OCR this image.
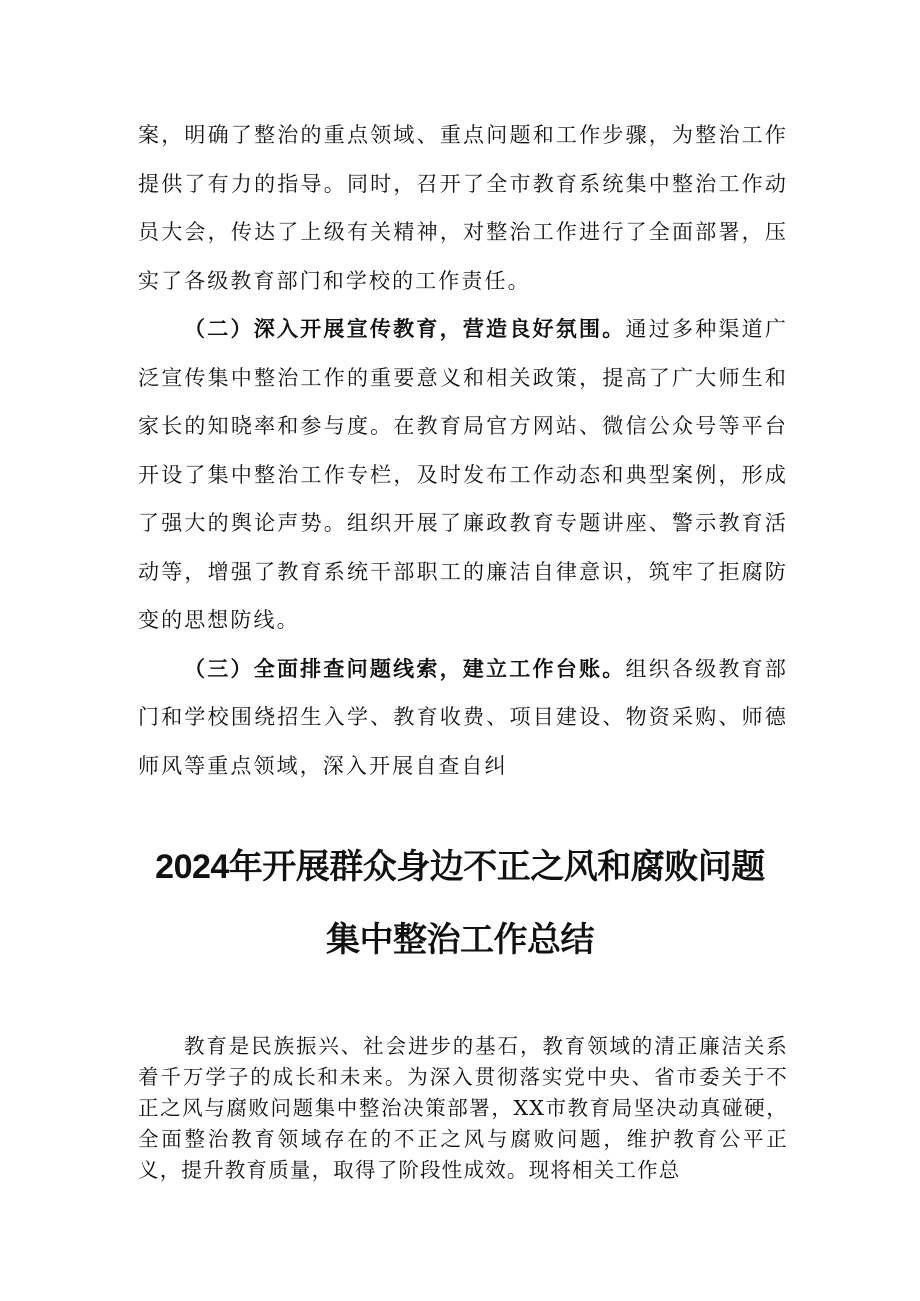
案，明确了整治的重点领域、重点问题和工作步骤，为整治工作提供了有力的指导。同时，召开了全市教育系统集中整治工作动员大会，传达了上级有关精神，对整治工作进行了全面部署，压实了各级教育部门和学校的工作责任。

（二）深入开展宣传教育，营造良好氛围。通过多种渠道广泛宣传集中整治工作的重要意义和相关政策，提高了广大师生和家长的知晓率和参与度。在教育局官方网站、微信公众号等平台开设了集中整治工作专栏，及时发布工作动态和典型案例，形成了强大的舆论声势。组织开展了廉政教育专题讲座、警示教育活动等，增强了教育系统干部职工的廉洁自律意识，筑牢了拒腐防变的思想防线。

（三）全面排查问题线索，建立工作台账。组织各级教育部门和学校围绕招生入学、教育收费、项目建设、物资采购、师德师风等重点领域，深入开展自查自纠

2024年开展群众身边不正之风和腐败问题
集中整治工作总结

教育是民族振兴、社会进步的基石，教育领域的清正廉洁关系着千万学子的成长和未来。为深入贯彻落实党中央、省市委关于不正之风与腐败问题集中整治决策部署，XX市教育局坚决动真碰硬，全面整治教育领域存在的不正之风与腐败问题，维护教育公平正义，提升教育质量，取得了阶段性成效。现将相关工作总
